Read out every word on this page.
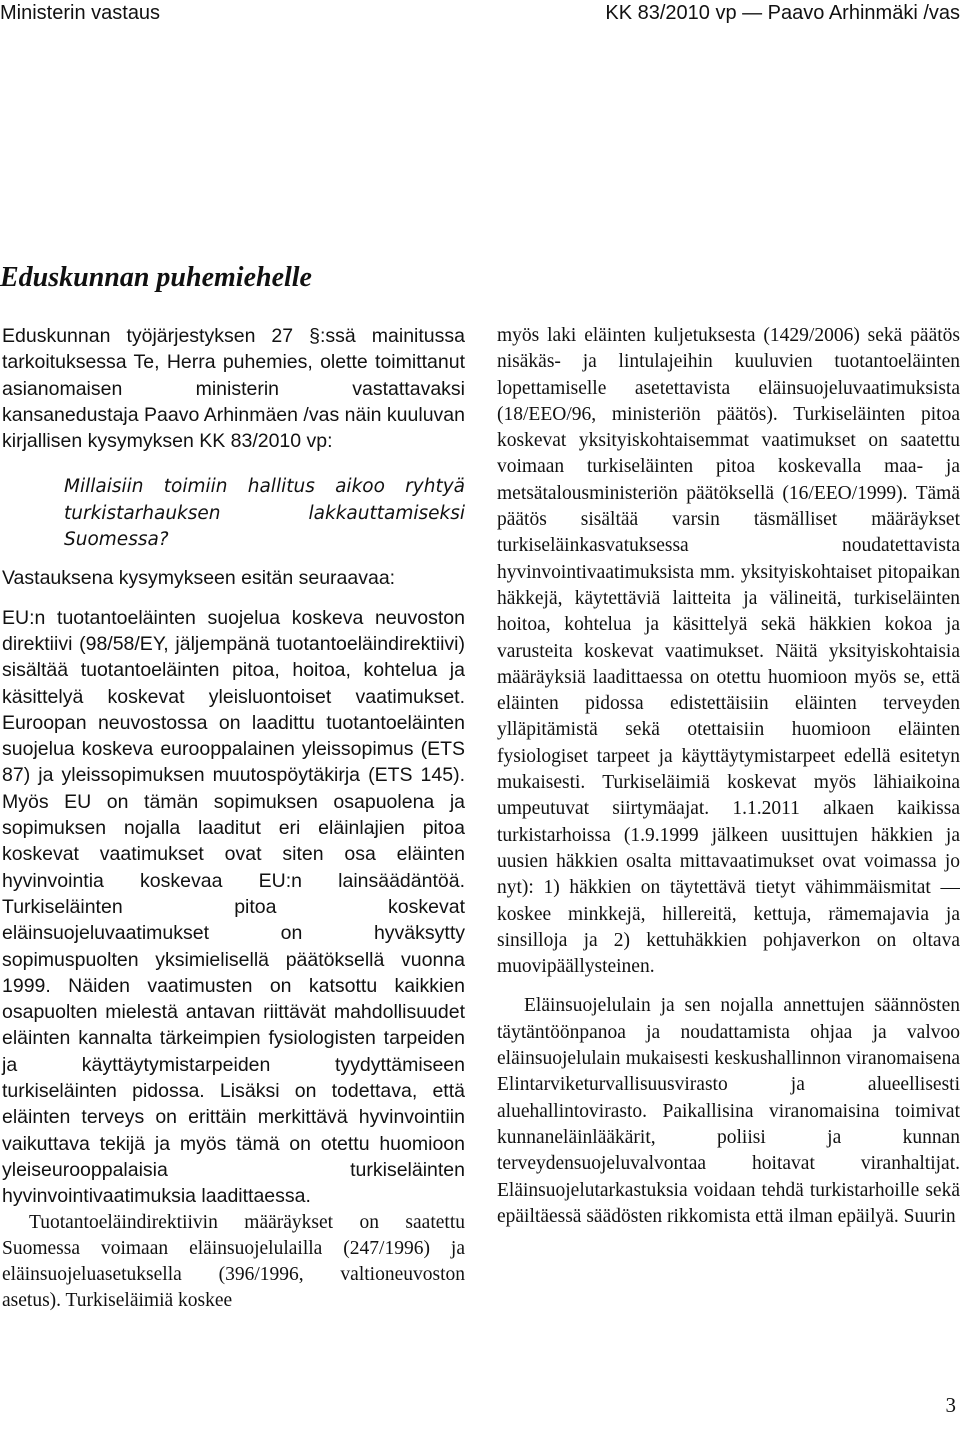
Ministerin vastaus	KK 83/2010 vp — Paavo Arhinmäki /vas
Eduskunnan puhemiehelle

Eduskunnan työjärjestyksen 27 §:ssä mainitussa tarkoituksessa Te, Herra puhemies, olette toimittanut asianomaisen ministerin vastattavaksi kansanedustaja Paavo Arhinmäen /vas näin kuuluvan kirjallisen kysymyksen KK 83/2010 vp:

Millaisiin toimiin hallitus aikoo ryhtyä turkistarhauksen lakkauttamiseksi Suomessa?

Vastauksena kysymykseen esitän seuraavaa:

EU:n tuotantoeläinten suojelua koskeva neuvoston direktiivi (98/58/EY, jäljempänä tuotantoeläindirektiivi) sisältää tuotantoeläinten pitoa, hoitoa, kohtelua ja käsittelyä koskevat yleisluontoiset vaatimukset. Euroopan neuvostossa on laadittu tuotantoeläinten suojelua koskeva eurooppalainen yleissopimus (ETS 87) ja yleissopimuksen muutospöytäkirja (ETS 145). Myös EU on tämän sopimuksen osapuolena ja sopimuksen nojalla laaditut eri eläinlajien pitoa koskevat vaatimukset ovat siten osa eläinten hyvinvointia koskevaa EU:n lainsäädäntöä. Turkiseläinten pitoa koskevat eläinsuojeluvaatimukset on hyväksytty sopimuspuolten yksimielisellä päätöksellä vuonna 1999. Näiden vaatimusten on katsottu kaikkien osapuolten mielestä antavan riittävät mahdollisuudet eläinten kannalta tärkeimpien fysiologisten tarpeiden ja käyttäytymistarpeiden tyydyttämiseen turkiseläinten pidossa. Lisäksi on todettava, että eläinten terveys on erittäin merkittävä hyvinvointiin vaikuttava tekijä ja myös tämä on otettu huomioon yleiseurooppalaisia turkiseläinten hyvinvointivaatimuksia laadittaessa.

Tuotantoeläindirektiivin määräykset on saatettu Suomessa voimaan eläinsuojelulailla (247/1996) ja eläinsuojeluasetuksella (396/1996, valtioneuvoston asetus). Turkiseläimiä koskee

myös laki eläinten kuljetuksesta (1429/2006) sekä päätös nisäkäs- ja lintulajeihin kuuluvien tuotantoeläinten lopettamiselle asetettavista eläinsuojeluvaatimuksista (18/EEO/96, ministeriön päätös). Turkiseläinten pitoa koskevat yksityiskohtaisemmat vaatimukset on saatettu voimaan turkiseläinten pitoa koskevalla maa- ja metsätalousministeriön päätöksellä (16/EEO/1999). Tämä päätös sisältää varsin täsmälliset määräykset turkiseläinkasvatuksessa noudatettavista hyvinvointivaatimuksista mm. yksityiskohtaiset pitopaikan häkkejä, käytettäviä laitteita ja välineitä, turkiseläinten hoitoa, kohtelua ja käsittelyä sekä häkkien kokoa ja varusteita koskevat vaatimukset. Näitä yksityiskohtaisia määräyksiä laadittaessa on otettu huomioon myös se, että eläinten pidossa edistettäisiin eläinten terveyden ylläpitämistä sekä otettaisiin huomioon eläinten fysiologiset tarpeet ja käyttäytymistarpeet edellä esitetyn mukaisesti. Turkiseläimiä koskevat myös lähiaikoina umpeutuvat siirtymäajat. 1.1.2011 alkaen kaikissa turkistarhoissa (1.9.1999 jälkeen uusittujen häkkien ja uusien häkkien osalta mittavaatimukset ovat voimassa jo nyt): 1) häkkien on täytettävä tietyt vähimmäismitat — koskee minkkejä, hillereitä, kettuja, rämemajavia ja sinsilloja ja 2) kettuhäkkien pohjaverkon on oltava muovipäällysteinen.

Eläinsuojelulain ja sen nojalla annettujen säännösten täytäntöönpanoa ja noudattamista ohjaa ja valvoo eläinsuojelulain mukaisesti keskushallinnon viranomaisena Elintarviketurvallisuusvirasto ja alueellisesti aluehallintovirasto. Paikallisina viranomaisina toimivat kunnaneläinlääkärit, poliisi ja kunnan terveydensuojeluvalvontaa hoitavat viranhaltijat. Eläinsuojelutarkastuksia voidaan tehdä turkistarhoille sekä epäiltäessä säädösten rikkomista että ilman epäilyä. Suurin

3
